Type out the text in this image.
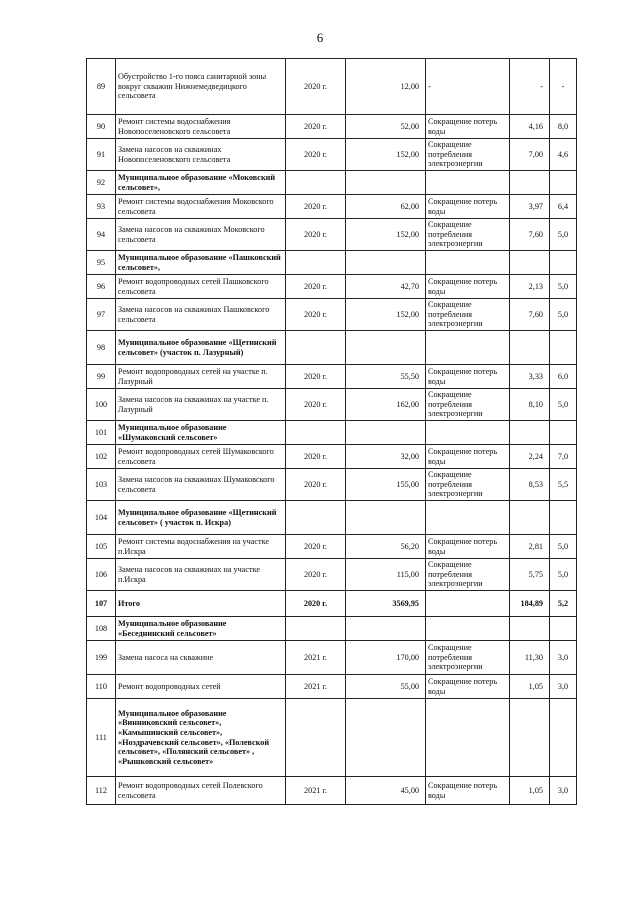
6
89	Обустройство 1-го пояса санитарной зоны вокруг скважин Нижнемедведицкого сельсовета	2020 г.	12,00	-	-	-
90	Ремонт системы водоснабжения Новопоселеновского сельсовета	2020 г.	52,00	Сокращение потерь воды	4,16	8,0
91	Замена насосов на скважинах Новопоселеновского сельсовета	2020 г.	152,00	Сокращение потребления электроэнергии	7,00	4,6
92	Муниципальное образование «Моковский сельсовет»,					
93	Ремонт системы водоснабжения Моковского сельсовета	2020 г.	62,00	Сокращение потерь воды	3,97	6,4
94	Замена насосов на скважинах Моковского сельсовета	2020 г.	152,00	Сокращение потребления электроэнергии	7,60	5,0
95	Муниципальное образование «Пашковский сельсовет»,					
96	Ремонт водопроводных сетей Пашковского сельсовета	2020 г.	42,70	Сокращение потерь воды	2,13	5,0
97	Замена насосов на скважинах Пашковского сельсовета	2020 г.	152,00	Сокращение потребления электроэнергии	7,60	5,0
98	Муниципальное образование «Щетинский сельсовет» (участок п. Лазурный)					
99	Ремонт водопроводных сетей на участке п. Лазурный	2020 г.	55,50	Сокращение потерь воды	3,33	6,0
100	Замена насосов на скважинах на участке п. Лазурный	2020 г.	162,00	Сокращение потребления электроэнергии	8,10	5,0
101	Муниципальное образование «Шумаковский сельсовет»					
102	Ремонт водопроводных сетей Шумаковского сельсовета	2020 г.	32,00	Сокращение потерь воды	2,24	7,0
103	Замена насосов на скважинах Шумаковского сельсовета	2020 г.	155,00	Сокращение потребления электроэнергии	8,53	5,5
104	Муниципальное образование «Щетинский сельсовет» ( участок п. Искра)					
105	Ремонт системы водоснабжения на участке п.Искра	2020 г.	56,20	Сокращение потерь воды	2,81	5,0
106	Замена насосов на скважинах на участке п.Искра	2020 г.	115,00	Сокращение потребления электроэнергии	5,75	5,0
107	Итого	2020 г.	3569,95		184,89	5,2
108	Муниципальное образование «Беседнинский сельсовет»					
199	Замена насоса на скважине	2021 г.	170,00	Сокращение потребления электроэнергии	11,30	3,0
110	Ремонт водопроводных сетей	2021 г.	55,00	Сокращение потерь воды	1,05	3,0
111	Муниципальное образование «Винниковский сельсовет», «Камышинский сельсовет», «Ноздрачевский сельсовет», «Полевской сельсовет», «Полянский сельсовет» , «Рышковский сельсовет»					
112	Ремонт водопроводных сетей Полевского сельсовета	2021 г.	45,00	Сокращение потерь воды	1,05	3,0
